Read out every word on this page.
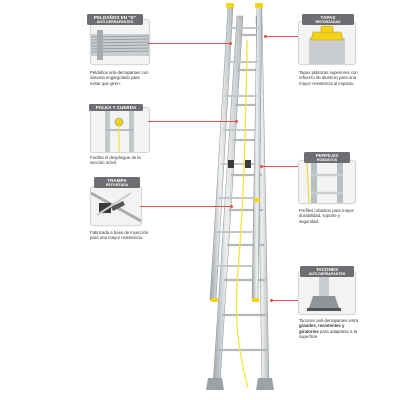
PELDAÑOS EN "D"
ANTI DERRAPANTES
Peldaños anti-derrapantes con sistema engargolado para evitar que giren.
POLEA Y CUERDA
Facilita el despliegue de la sección móvil.
TRAMPA
REFORZADA
Fabricada a base de inyección para una mayor resistencia.
TAPAS
REFORZADAS
Tapas plásticas superiores con refuerzo de aluminio para una mayor resistencia al impacto.
PERFILES
ROBUSTOS
Perfiles robustos para mayor durabilidad, soporte y seguridad.
TACONES
ANTI-DERRAPANTES
Tacones anti-derrapantes extra grandes, resistentes y giratorios para adaptarse a la superficie
